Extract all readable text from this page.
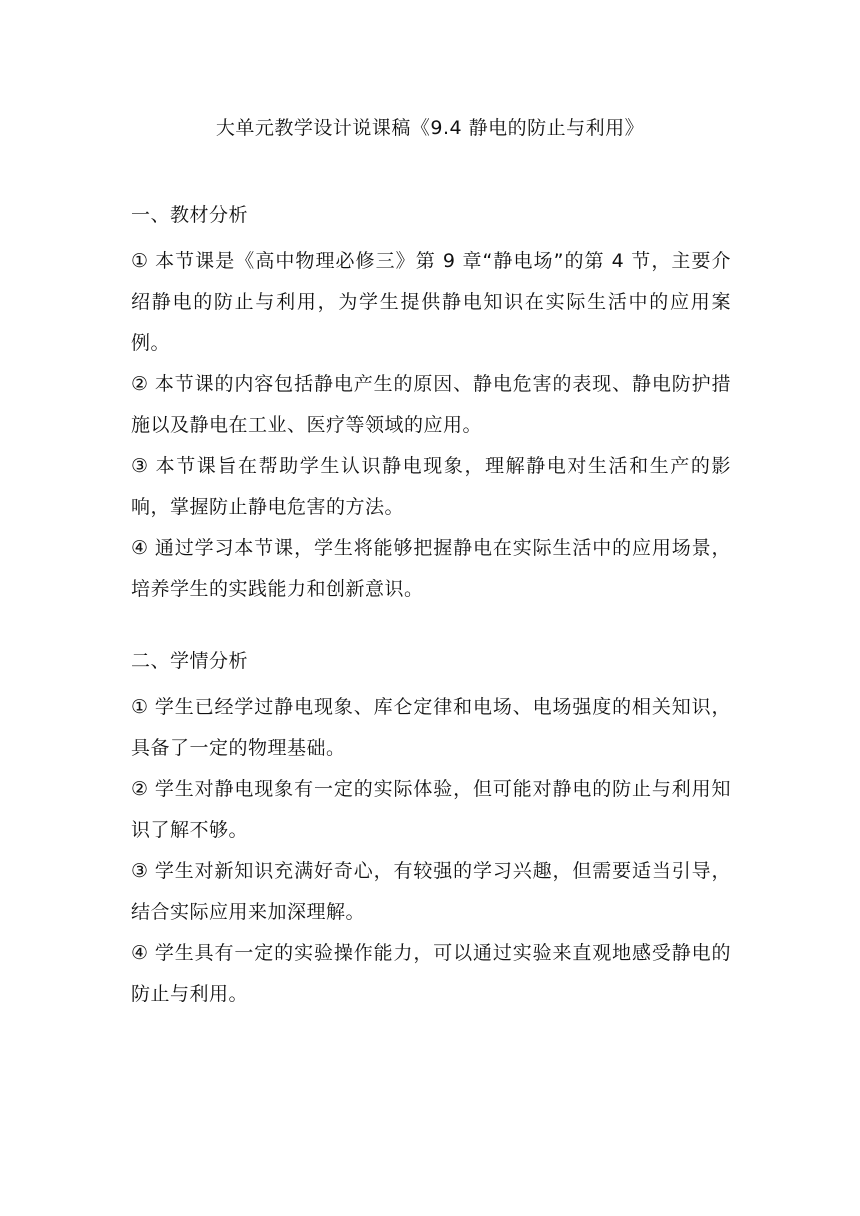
大单元教学设计说课稿《9.4 静电的防止与利用》
一、教材分析

① 本节课是《高中物理必修三》第 9 章“静电场”的第 4 节，主要介绍静电的防止与利用，为学生提供静电知识在实际生活中的应用案例。

② 本节课的内容包括静电产生的原因、静电危害的表现、静电防护措施以及静电在工业、医疗等领域的应用。

③ 本节课旨在帮助学生认识静电现象，理解静电对生活和生产的影响，掌握防止静电危害的方法。

④ 通过学习本节课，学生将能够把握静电在实际生活中的应用场景，培养学生的实践能力和创新意识。

二、学情分析

① 学生已经学过静电现象、库仑定律和电场、电场强度的相关知识，具备了一定的物理基础。

② 学生对静电现象有一定的实际体验，但可能对静电的防止与利用知识了解不够。

③ 学生对新知识充满好奇心，有较强的学习兴趣，但需要适当引导，结合实际应用来加深理解。

④ 学生具有一定的实验操作能力，可以通过实验来直观地感受静电的防止与利用。
